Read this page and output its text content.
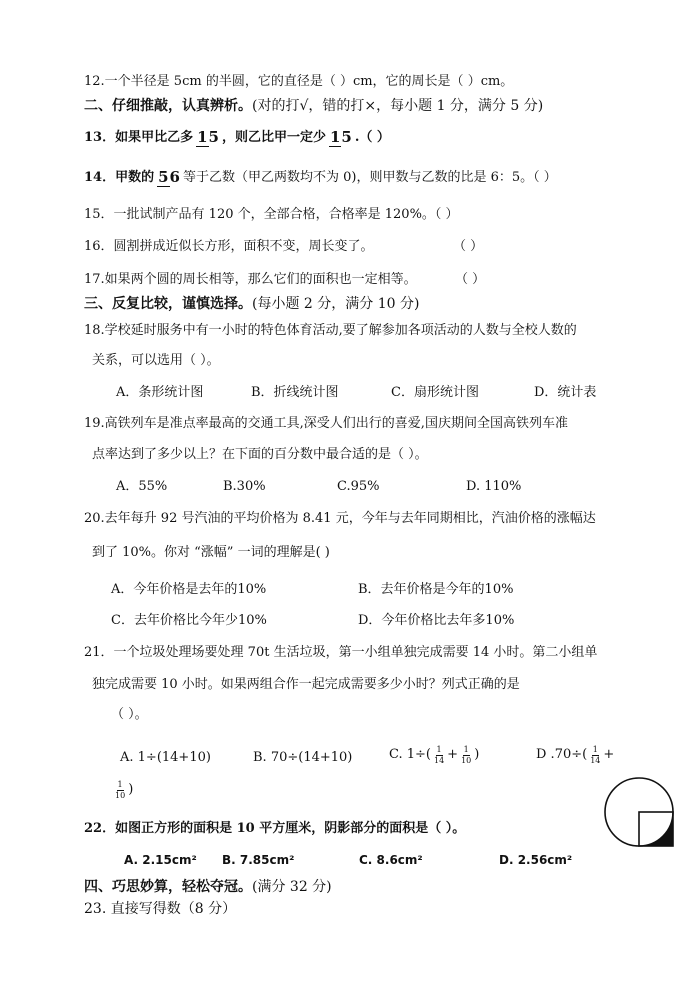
12.一个半径是 5cm 的半圆，它的直径是（ ）cm，它的周长是（ ）cm。
二、仔细推敲，认真辨析。(对的打√，错的打×，每小题 1 分，满分 5 分)
13．如果甲比乙多 15 ，则乙比甲一定少 15 .（ ）
14．甲数的 56 等于乙数（甲乙两数均不为 0)，则甲数与乙数的比是 6：5。（ ）
15．一批试制产品有 120 个，全部合格，合格率是 120%。（ ）
16．圆割拼成近似长方形，面积不变，周长变了。	（ ）
17.如果两个圆的周长相等，那么它们的面积也一定相等。	（ ）
三、反复比较，谨慎选择。(每小题 2 分，满分 10 分)
18.学校延时服务中有一小时的特色体育活动,要了解参加各项活动的人数与全校人数的
关系，可以选用（ ）。
A．条形统计图	B．折线统计图	C．扇形统计图	D．统计表
19.高铁列车是准点率最高的交通工具,深受人们出行的喜爱,国庆期间全国高铁列车准
点率达到了多少以上？在下面的百分数中最合适的是（ ）。
A．55%	B.30%	C.95%	D. 110%
20.去年每升 92 号汽油的平均价格为 8.41 元，今年与去年同期相比，汽油价格的涨幅达
到了 10%。你对 “涨幅” 一词的理解是( )
A．今年价格是去年的10%	B．去年价格是今年的10%
C．去年价格比今年少10%	D．今年价格比去年多10%
21．一个垃圾处理场要处理 70t 生活垃圾，第一小组单独完成需要 14 小时。第二小组单
独完成需要 10 小时。如果两组合作一起完成需要多少小时？列式正确的是
（ ）。
A. 1÷(14+10)	B. 70÷(14+10)	C. $1\div( \frac{1}{14} + \frac{1}{10}$ )	D $.70\div( \frac{1}{14}$ +
$\frac{1}{10}$ )
22．如图正方形的面积是 10 平方厘米，阴影部分的面积是（ ）。
A. 2.15cm² B. 7.85cm²	C. 8.6cm²	D. 2.56cm²
四、巧思妙算，轻松夺冠。(满分 32 分)
23. 直接写得数（8 分）
